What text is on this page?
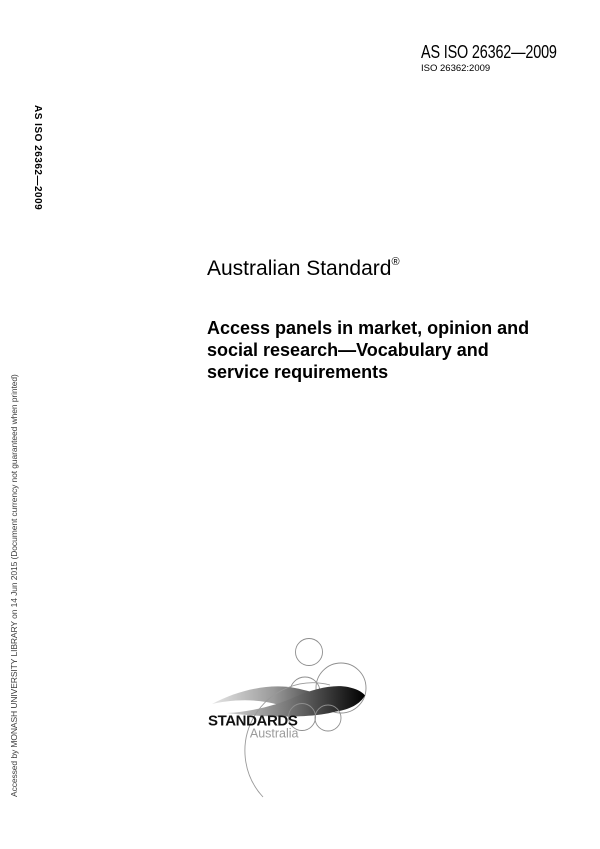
AS ISO 26362—2009
ISO 26362:2009
AS ISO 26362—2009
Accessed by MONASH UNIVERSITY LIBRARY on 14 Jun 2015 (Document currency not guaranteed when printed)
Australian Standard®
Access panels in market, opinion and
social research—Vocabulary and
service requirements
STANDARDS
Australia
